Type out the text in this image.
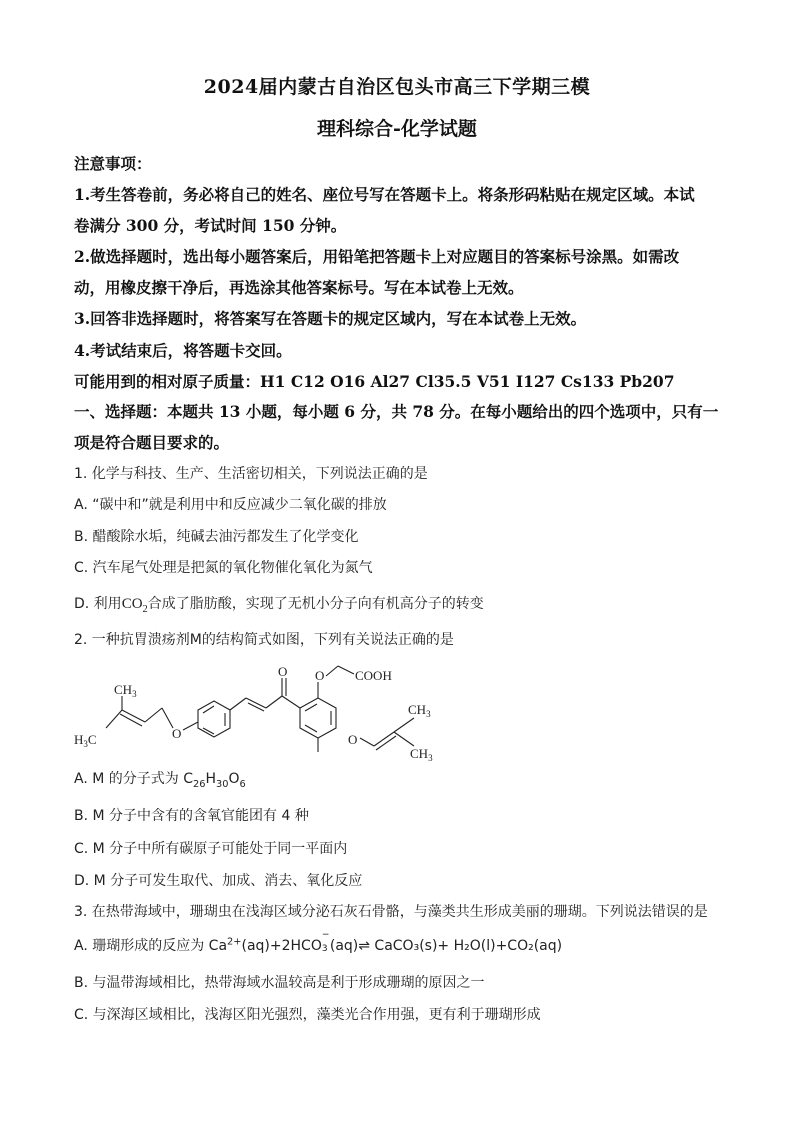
2024届内蒙古自治区包头市高三下学期三模
理科综合-化学试题
注意事项：
1.考生答卷前，务必将自己的姓名、座位号写在答题卡上。将条形码粘贴在规定区域。本试
卷满分 300 分，考试时间 150 分钟。
2.做选择题时，选出每小题答案后，用铅笔把答题卡上对应题目的答案标号涂黑。如需改
动，用橡皮擦干净后，再选涂其他答案标号。写在本试卷上无效。
3.回答非选择题时，将答案写在答题卡的规定区域内，写在本试卷上无效。
4.考试结束后，将答题卡交回。
可能用到的相对原子质量：H1 C12 O16 Al27 Cl35.5 V51 I127 Cs133 Pb207
一、选择题：本题共 13 小题，每小题 6 分，共 78 分。在每小题给出的四个选项中，只有一
项是符合题目要求的。
1. 化学与科技、生产、生活密切相关，下列说法正确的是
A. “碳中和”就是利用中和反应减少二氧化碳的排放
B. 醋酸除水垢，纯碱去油污都发生了化学变化
C. 汽车尾气处理是把氮的氧化物催化氧化为氮气
D. 利用$CO_2$合成了脂肪酸，实现了无机小分子向有机高分子的转变
2. 一种抗胃溃疡剂M的结构简式如图，下列有关说法正确的是
$CH_3$
$H_3C$	O
O O COOH
O
$CH_3$
$CH_3$
A. M 的分子式为 $C_{26}H_{30}O_6$
B. M 分子中含有的含氧官能团有 4 种
C. M 分子中所有碳原子可能处于同一平面内
D. M 分子可发生取代、加成、消去、氧化反应
3. 在热带海域中，珊瑚虫在浅海区域分泌石灰石骨骼，与藻类共生形成美丽的珊瑚。下列说法错误的是
A. 珊瑚形成的反应为 $Ca^{2+}(aq)+2HCO$
−
3 (aq)⇌ CaCO₃(s)+ H₂O(l)+CO₂(aq)
B. 与温带海域相比，热带海域水温较高是利于形成珊瑚的原因之一
C. 与深海区域相比，浅海区阳光强烈，藻类光合作用强，更有利于珊瑚形成
